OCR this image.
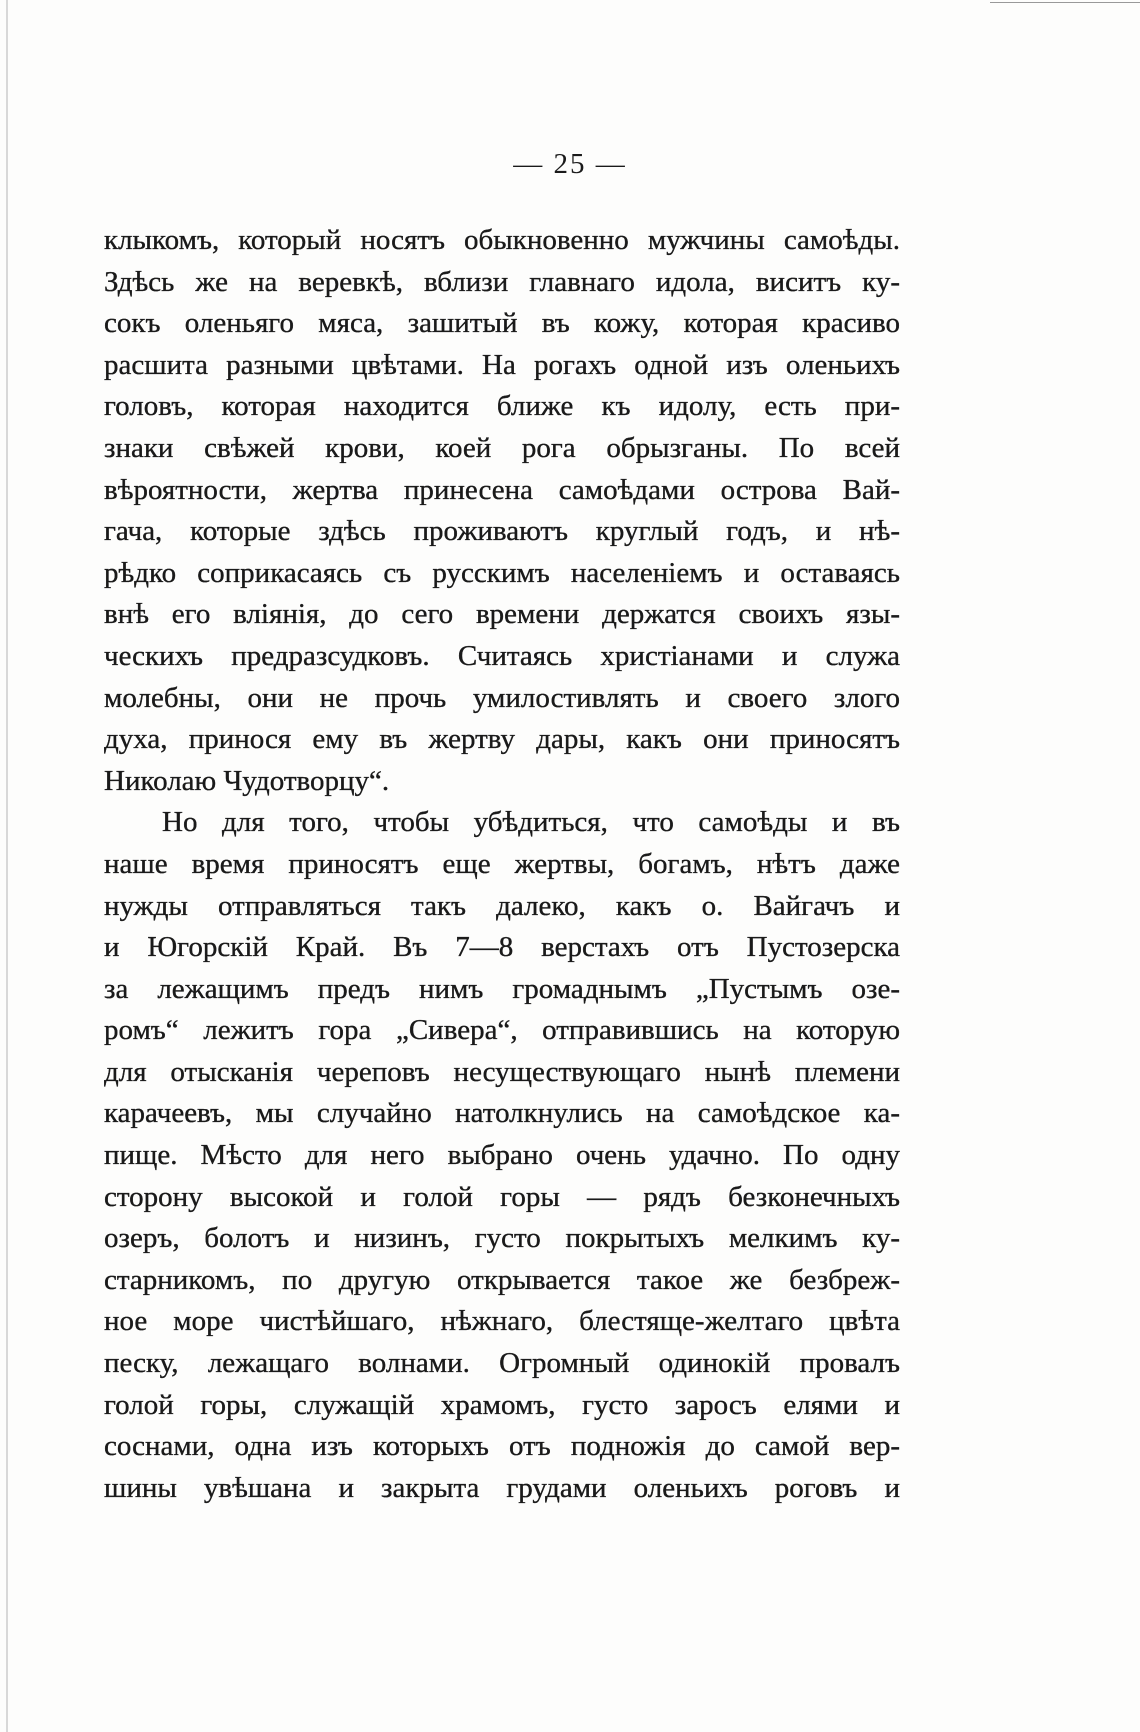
— 25 —
клыкомъ, который носятъ обыкновенно мужчины самоѣды.
Здѣсь же на веревкѣ, вблизи главнаго идола, виситъ ку-
сокъ оленьяго мяса, зашитый въ кожу, которая красиво
расшита разными цвѣтами. На рогахъ одной изъ оленьихъ
головъ, которая находится ближе къ идолу, есть при-
знаки свѣжей крови, коей рога обрызганы. По всей
вѣроятности, жертва принесена самоѣдами острова Вай-
гача, которые здѣсь проживаютъ круглый годъ, и нѣ-
рѣдко соприкасаясь съ русскимъ населеніемъ и оставаясь
внѣ его вліянія, до сего времени держатся своихъ язы-
ческихъ предразсудковъ. Считаясь христіанами и служа
молебны, они не прочь умилостивлять и своего злого
духа, принося ему въ жертву дары, какъ они приносятъ
Николаю Чудотворцу“.
Но для того, чтобы убѣдиться, что самоѣды и въ
наше время приносятъ еще жертвы, богамъ, нѣтъ даже
нужды отправляться такъ далеко, какъ о. Вайгачъ и
и Югорскій Край. Въ 7—8 верстахъ отъ Пустозерска
за лежащимъ предъ нимъ громаднымъ „Пустымъ озе-
ромъ“ лежитъ гора „Сивера“, отправившись на которую
для отысканія череповъ несуществующаго нынѣ племени
карачеевъ, мы случайно натолкнулись на самоѣдское ка-
пище. Мѣсто для него выбрано очень удачно. По одну
сторону высокой и голой горы — рядъ безконечныхъ
озеръ, болотъ и низинъ, густо покрытыхъ мелкимъ ку-
старникомъ, по другую открывается такое же безбреж-
ное море чистѣйшаго, нѣжнаго, блестяще-желтаго цвѣта
песку, лежащаго волнами. Огромный одинокій провалъ
голой горы, служащій храмомъ, густо заросъ елями и
соснами, одна изъ которыхъ отъ подножія до самой вер-
шины увѣшана и закрыта грудами оленьихъ роговъ и
